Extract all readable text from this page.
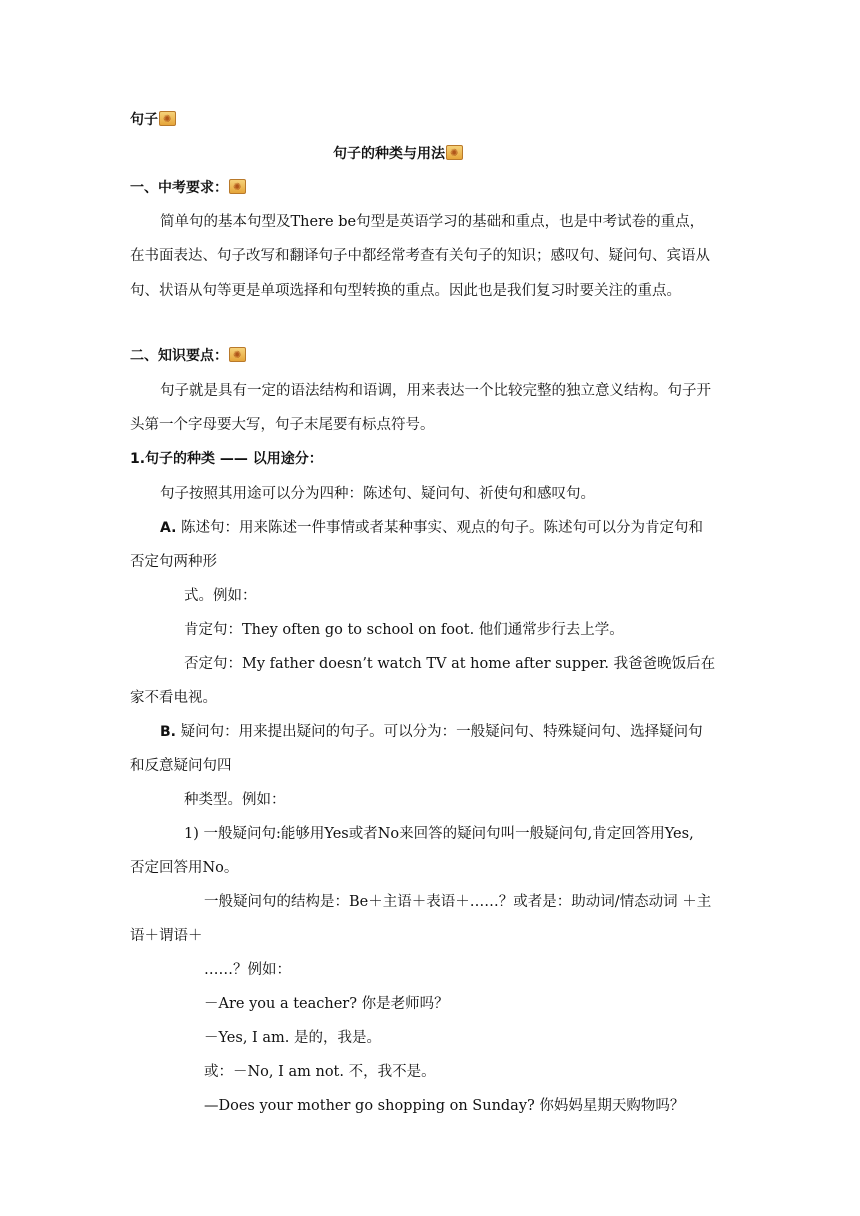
句子✺
句子的种类与用法✺
一、中考要求：✺
简单句的基本句型及There be句型是英语学习的基础和重点，也是中考试卷的重点，
在书面表达、句子改写和翻译句子中都经常考查有关句子的知识；感叹句、疑问句、宾语从
句、状语从句等更是单项选择和句型转换的重点。因此也是我们复习时要关注的重点。
二、知识要点：✺
句子就是具有一定的语法结构和语调，用来表达一个比较完整的独立意义结构。句子开
头第一个字母要大写，句子末尾要有标点符号。
1.句子的种类 —— 以用途分：
句子按照其用途可以分为四种：陈述句、疑问句、祈使句和感叹句。
A. 陈述句：用来陈述一件事情或者某种事实、观点的句子。陈述句可以分为肯定句和
否定句两种形
式。例如：
肯定句：They often go to school on foot. 他们通常步行去上学。
否定句：My father doesn’t watch TV at home after supper. 我爸爸晚饭后在
家不看电视。
B. 疑问句：用来提出疑问的句子。可以分为：一般疑问句、特殊疑问句、选择疑问句
和反意疑问句四
种类型。例如：
1) 一般疑问句:能够用Yes或者No来回答的疑问句叫一般疑问句,肯定回答用Yes,
否定回答用No。
一般疑问句的结构是：Be＋主语＋表语＋……？或者是：助动词/情态动词 ＋主
语＋谓语＋
……？例如：
－Are you a teacher? 你是老师吗？
－Yes, I am. 是的，我是。
或：－No, I am not. 不，我不是。
—Does your mother go shopping on Sunday? 你妈妈星期天购物吗？
